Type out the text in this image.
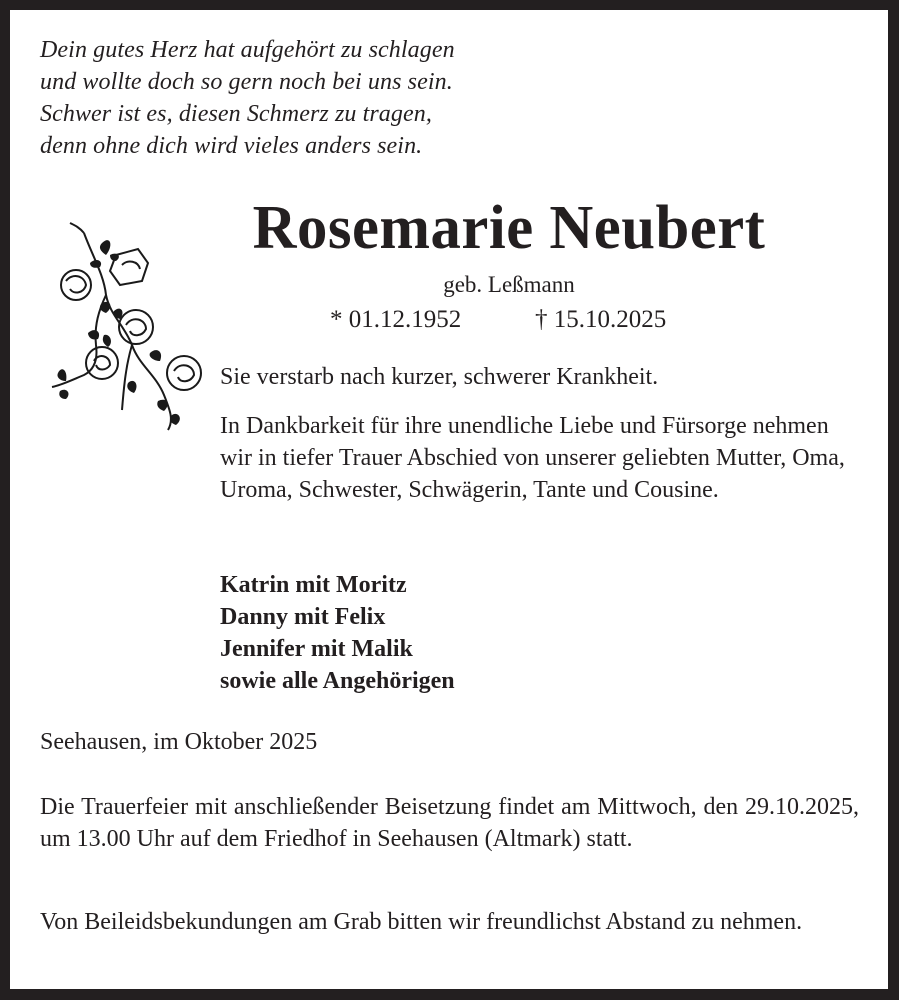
Dein gutes Herz hat aufgehört zu schlagen
und wollte doch so gern noch bei uns sein.
Schwer ist es, diesen Schmerz zu tragen,
denn ohne dich wird vieles anders sein.
Rosemarie Neubert
geb. Leßmann
* 01.12.1952	† 15.10.2025

Sie verstarb nach kurzer, schwerer Krankheit.

In Dankbarkeit für ihre unendliche Liebe und Fürsorge nehmen wir in tiefer Trauer Abschied von unserer geliebten Mutter, Oma, Uroma, Schwester, Schwägerin, Tante und Cousine.

Katrin mit Moritz
Danny mit Felix
Jennifer mit Malik
sowie alle Angehörigen
Seehausen, im Oktober 2025
Die Trauerfeier mit anschließender Beisetzung findet am Mittwoch, den 29.10.2025, um 13.00 Uhr auf dem Friedhof in Seehausen (Altmark) statt.
Von Beileidsbekundungen am Grab bitten wir freundlichst Abstand zu nehmen.
